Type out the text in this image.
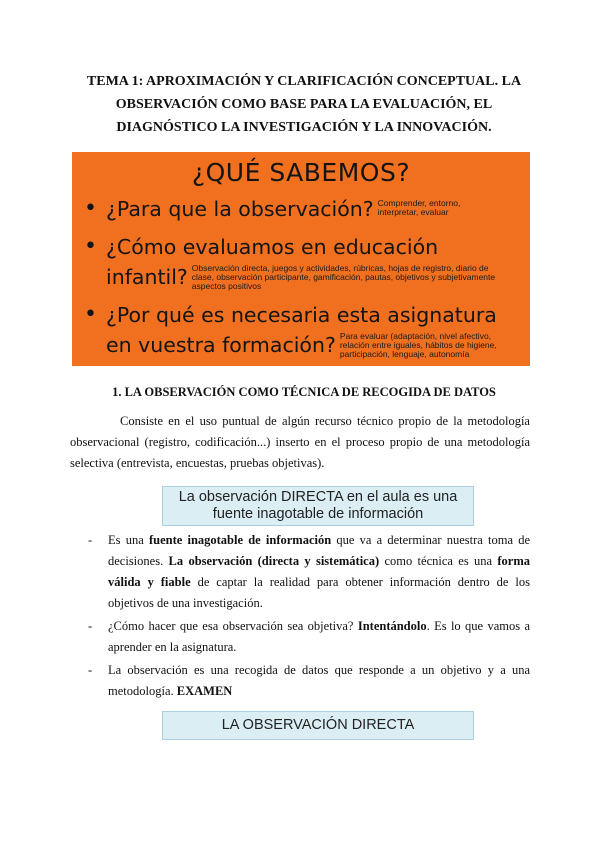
TEMA 1: APROXIMACIÓN Y CLARIFICACIÓN CONCEPTUAL. LA OBSERVACIÓN COMO BASE PARA LA EVALUACIÓN, EL DIAGNÓSTICO LA INVESTIGACIÓN Y LA INNOVACIÓN.
¿QUÉ SABEMOS?
• ¿Para que la observación? Comprender, entorno, interpretar, evaluar
• ¿Cómo evaluamos en educación
infantil? Observación directa, juegos y actividades, rúbricas, hojas de registro, diario de clase, observación participante, gamificación, pautas, objetivos y subjetivamente aspectos positivos
• ¿Por qué es necesaria esta asignatura
en vuestra formación? Para evaluar (adaptación, nivel afectivo, relación entre iguales, hábitos de higiene, participación, lenguaje, autonomía
1. LA OBSERVACIÓN COMO TÉCNICA DE RECOGIDA DE DATOS
Consiste en el uso puntual de algún recurso técnico propio de la metodología observacional (registro, codificación...) inserto en el proceso propio de una metodología selectiva (entrevista, encuestas, pruebas objetivas).
La observación DIRECTA en el aula es una fuente inagotable de información
- Es una fuente inagotable de información que va a determinar nuestra toma de decisiones. La observación (directa y sistemática) como técnica es una forma válida y fiable de captar la realidad para obtener información dentro de los objetivos de una investigación.
- ¿Cómo hacer que esa observación sea objetiva? Intentándolo. Es lo que vamos a aprender en la asignatura.
- La observación es una recogida de datos que responde a un objetivo y a una metodología. EXAMEN
LA OBSERVACIÓN DIRECTA
